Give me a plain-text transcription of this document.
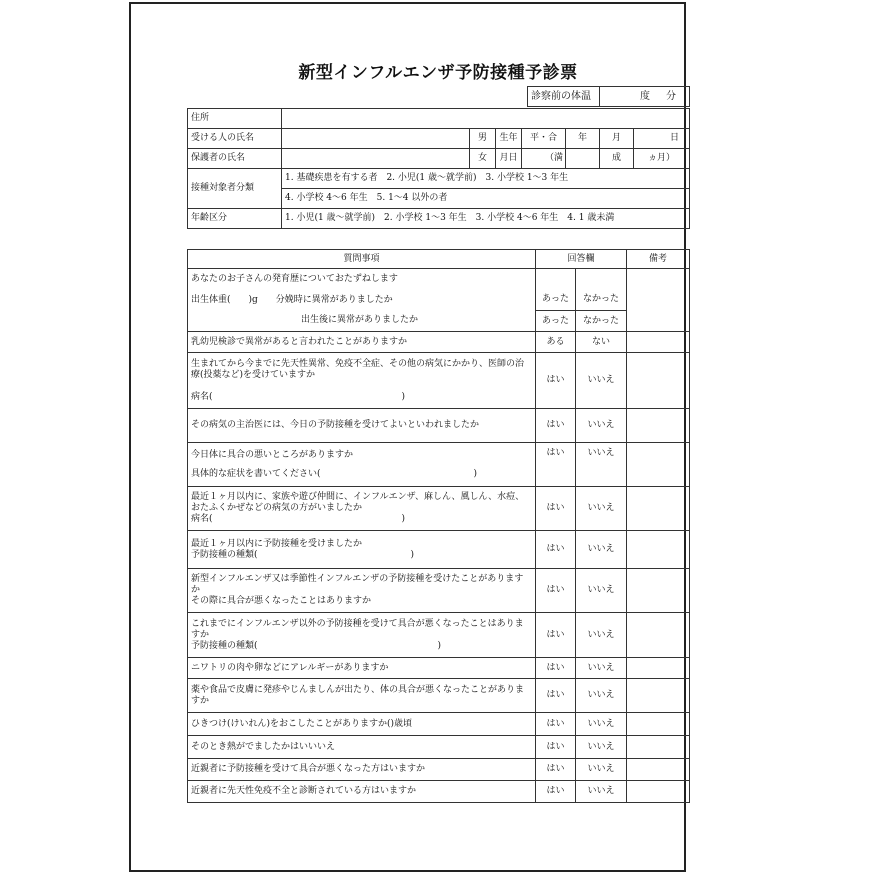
新型インフルエンザ予防接種予診票
診察前の体温	度 分
住所							
受ける人の氏名		男	生年	平・合	年	月	日
保護者の氏名		女	月日	（満		成	ヵ月）
接種対象者分類	1. 基礎疾患を有する者　2. 小児(1 歳～就学前)　3. 小学校 1～3 年生						
	4. 小学校 4～6 年生　5. 1～4 以外の者						
年齢区分	1. 小児(1 歳～就学前)　2. 小学校 1～3 年生　3. 小学校 4～6 年生　4. 1 歳未満						
質問事項	回答欄		備考
あなたのお子さんの発育歴についておたずねします			
出生体重(　　)g　　分娩時に異常がありましたか	あった	なかった	
出生後に異常がありましたか	あった	なかった	
乳幼児検診で異常があると言われたことがありますか	ある	ない	

生まれてから今までに先天性異常、免疫不全症、その他の病気にかかり、医師の治療(投薬など)を受けていますか
病名(　　　　　　　　　　　　　　　　　　　　　)	はい	いいえ	
その病気の主治医には、今日の予防接種を受けてよいといわれましたか	はい	いいえ	

今日体に具合の悪いところがありますか
具体的な症状を書いてください(　　　　　　　　　　　　　　　　　)	はい	いいえ	

最近１ヶ月以内に、家族や遊び仲間に、インフルエンザ、麻しん、風しん、水痘、おたふくかぜなどの病気の方がいましたか
病名(　　　　　　　　　　　　　　　　　　　　　)	はい	いいえ	

最近１ヶ月以内に予防接種を受けましたか
予防接種の種類(　　　　　　　　　　　　　　　　　)	はい	いいえ	

新型インフルエンザ又は季節性インフルエンザの予防接種を受けたことがありますか
その際に具合が悪くなったことはありますか	はい	いいえ	

これまでにインフルエンザ以外の予防接種を受けて具合が悪くなったことはありますか
予防接種の種類(　　　　　　　　　　　　　　　　　　　　)	はい	いいえ	
ニワトリの肉や卵などにアレルギーがありますか	はい	いいえ	
薬や食品で皮膚に発疹やじんましんが出たり、体の具合が悪くなったことがありますか	はい	いいえ	
ひきつけ(けいれん)をおこしたことがありますか()歳頃	はい	いいえ	
そのとき熱がでましたかはいいいえ	はい	いいえ	
近親者に予防接種を受けて具合が悪くなった方はいますか	はい	いいえ	
近親者に先天性免疫不全と診断されている方はいますか	はい	いいえ	
